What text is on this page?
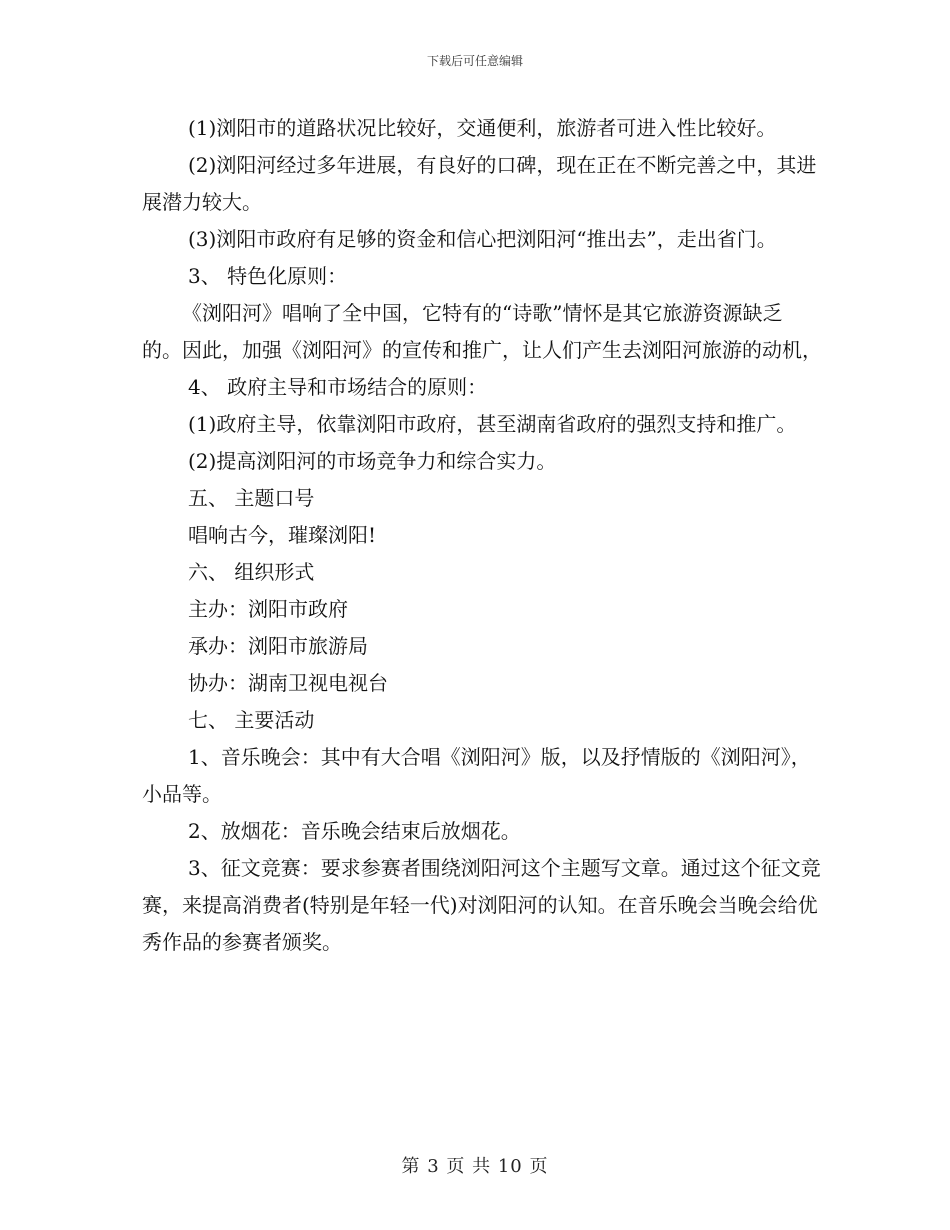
下载后可任意编辑

(1)浏阳市的道路状况比较好，交通便利，旅游者可进入性比较好。

(2)浏阳河经过多年进展，有良好的口碑，现在正在不断完善之中，其进展潜力较大。

(3)浏阳市政府有足够的资金和信心把浏阳河“推出去”，走出省门。

3、 特色化原则：

《浏阳河》唱响了全中国，它特有的“诗歌”情怀是其它旅游资源缺乏的。因此，加强《浏阳河》的宣传和推广，让人们产生去浏阳河旅游的动机，

4、 政府主导和市场结合的原则：

(1)政府主导，依靠浏阳市政府，甚至湖南省政府的强烈支持和推广。

(2)提高浏阳河的市场竞争力和综合实力。

五、 主题口号

唱响古今，璀璨浏阳!

六、 组织形式

主办：浏阳市政府

承办：浏阳市旅游局

协办：湖南卫视电视台

七、 主要活动

1、音乐晚会：其中有大合唱《浏阳河》版，以及抒情版的《浏阳河》，小品等。

2、放烟花：音乐晚会结束后放烟花。

3、征文竞赛：要求参赛者围绕浏阳河这个主题写文章。通过这个征文竞赛，来提高消费者(特别是年轻一代)对浏阳河的认知。在音乐晚会当晚会给优秀作品的参赛者颁奖。

第 3 页 共 10 页
